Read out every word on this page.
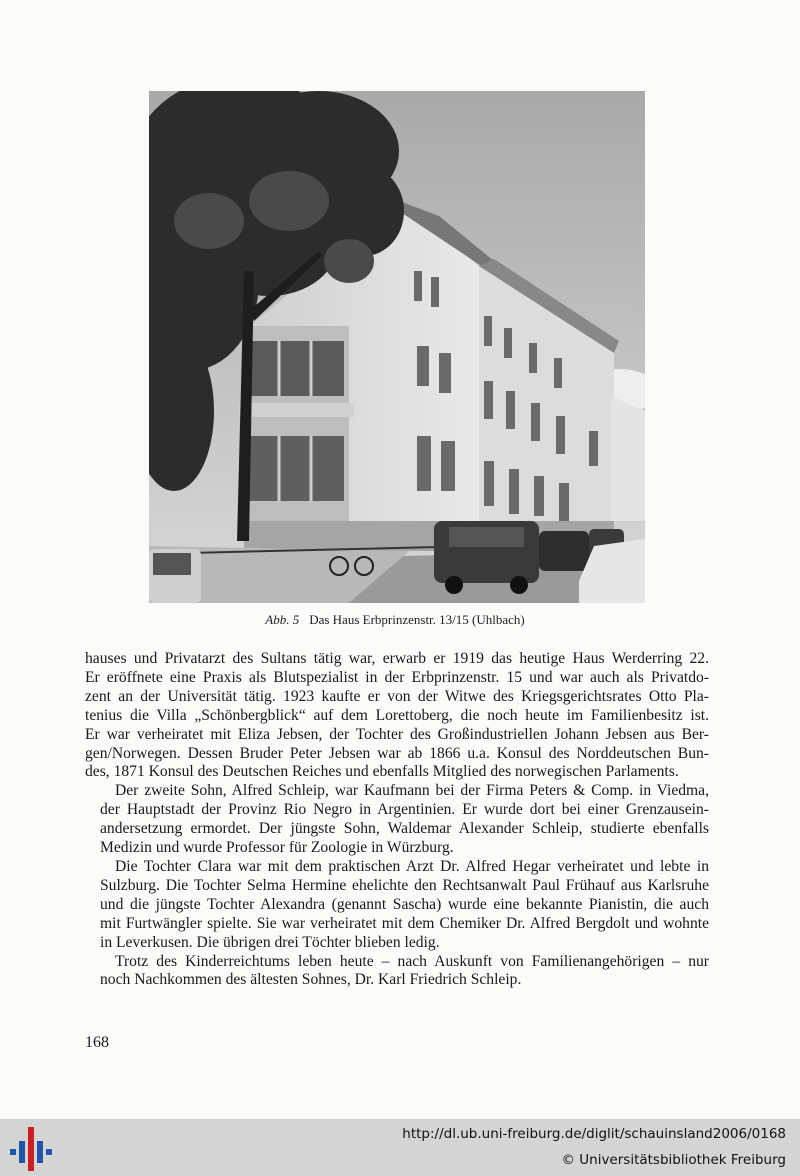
Abb. 5 Das Haus Erbprinzenstr. 13/15 (Uhlbach)

hauses und Privatarzt des Sultans tätig war, erwarb er 1919 das heutige Haus Werderring 22.
Er eröffnete eine Praxis als Blutspezialist in der Erbprinzenstr. 15 und war auch als Privatdo-
zent an der Universität tätig. 1923 kaufte er von der Witwe des Kriegsgerichtsrates Otto Pla-
tenius die Villa „Schönbergblick“ auf dem Lorettoberg, die noch heute im Familienbesitz ist.
Er war verheiratet mit Eliza Jebsen, der Tochter des Großindustriellen Johann Jebsen aus Ber-
gen/Norwegen. Dessen Bruder Peter Jebsen war ab 1866 u.a. Konsul des Norddeutschen Bun-
des, 1871 Konsul des Deutschen Reiches und ebenfalls Mitglied des norwegischen Parlaments.

Der zweite Sohn, Alfred Schleip, war Kaufmann bei der Firma Peters & Comp. in Viedma,
der Hauptstadt der Provinz Rio Negro in Argentinien. Er wurde dort bei einer Grenzausein-
andersetzung ermordet. Der jüngste Sohn, Waldemar Alexander Schleip, studierte ebenfalls
Medizin und wurde Professor für Zoologie in Würzburg.

Die Tochter Clara war mit dem praktischen Arzt Dr. Alfred Hegar verheiratet und lebte in
Sulzburg. Die Tochter Selma Hermine ehelichte den Rechtsanwalt Paul Frühauf aus Karlsruhe
und die jüngste Tochter Alexandra (genannt Sascha) wurde eine bekannte Pianistin, die auch
mit Furtwängler spielte. Sie war verheiratet mit dem Chemiker Dr. Alfred Bergdolt und wohnte
in Leverkusen. Die übrigen drei Töchter blieben ledig.

Trotz des Kinderreichtums leben heute – nach Auskunft von Familienangehörigen – nur
noch Nachkommen des ältesten Sohnes, Dr. Karl Friedrich Schleip.

168
http://dl.ub.uni-freiburg.de/diglit/schauinsland2006/0168
© Universitätsbibliothek Freiburg
